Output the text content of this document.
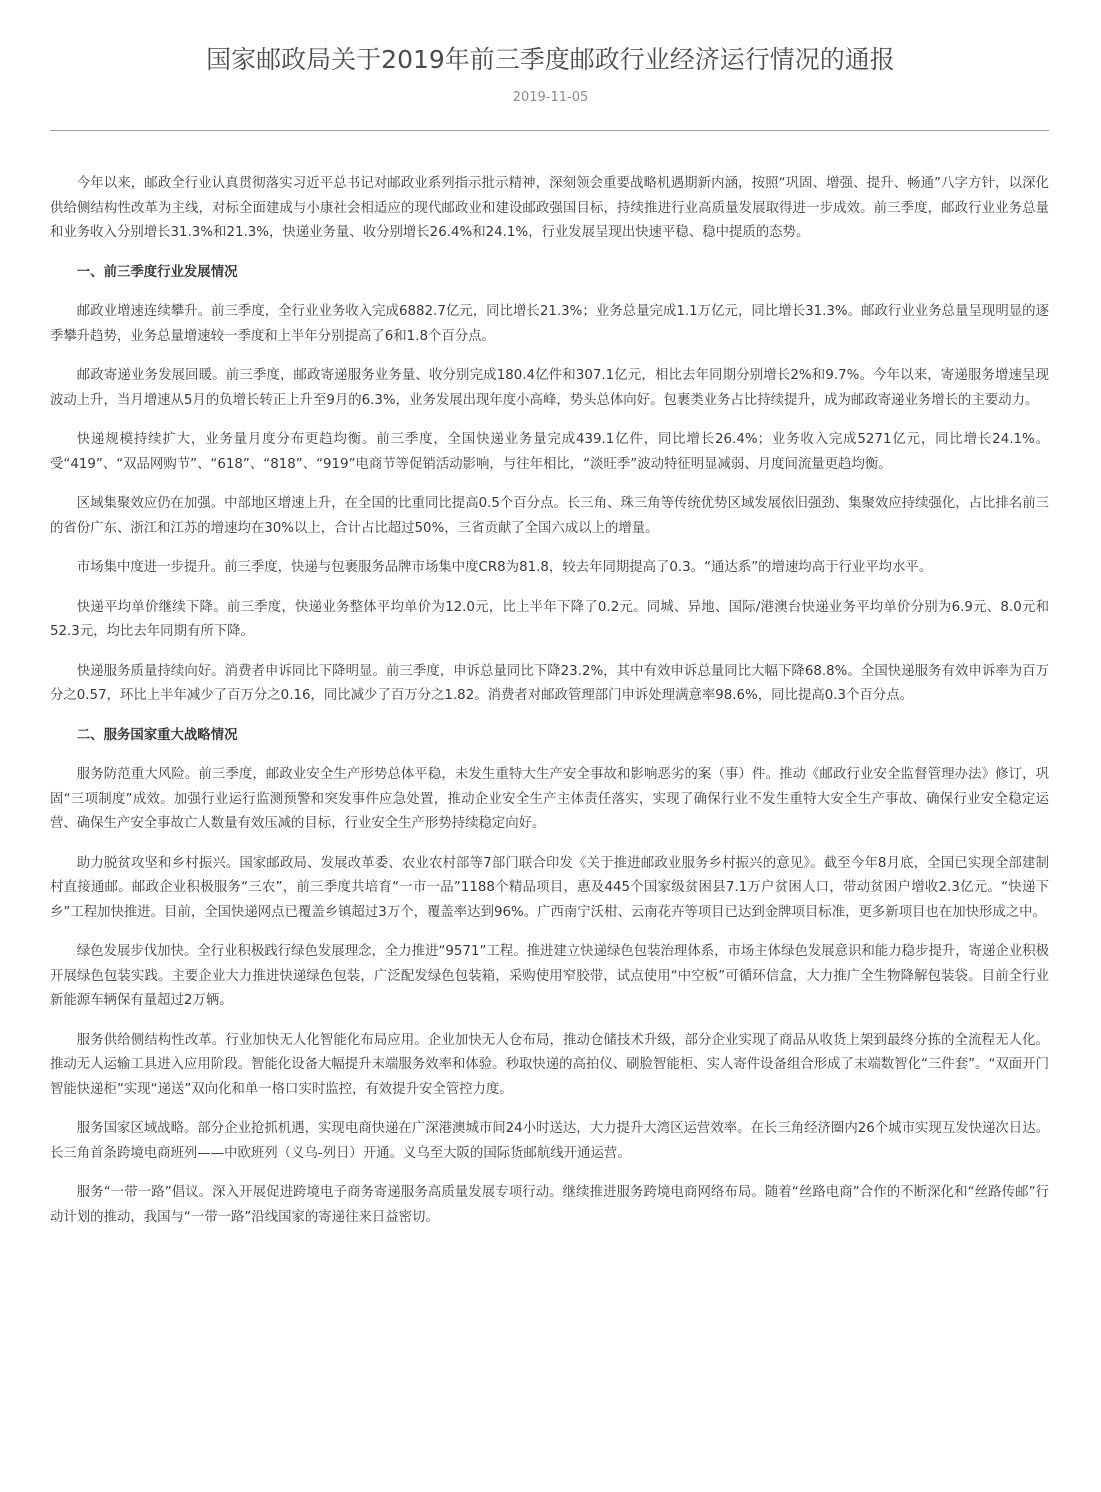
国家邮政局关于2019年前三季度邮政行业经济运行情况的通报
2019-11-05

今年以来，邮政全行业认真贯彻落实习近平总书记对邮政业系列指示批示精神，深刻领会重要战略机遇期新内涵，按照“巩固、增强、提升、畅通”八字方针，以深化供给侧结构性改革为主线，对标全面建成与小康社会相适应的现代邮政业和建设邮政强国目标，持续推进行业高质量发展取得进一步成效。前三季度，邮政行业业务总量和业务收入分别增长31.3%和21.3%，快递业务量、收分别增长26.4%和24.1%，行业发展呈现出快速平稳、稳中提质的态势。

一、前三季度行业发展情况

邮政业增速连续攀升。前三季度，全行业业务收入完成6882.7亿元，同比增长21.3%；业务总量完成1.1万亿元，同比增长31.3%。邮政行业业务总量呈现明显的逐季攀升趋势，业务总量增速较一季度和上半年分别提高了6和1.8个百分点。

邮政寄递业务发展回暖。前三季度，邮政寄递服务业务量、收分别完成180.4亿件和307.1亿元，相比去年同期分别增长2%和9.7%。今年以来，寄递服务增速呈现波动上升，当月增速从5月的负增长转正上升至9月的6.3%，业务发展出现年度小高峰，势头总体向好。包裹类业务占比持续提升，成为邮政寄递业务增长的主要动力。

快递规模持续扩大，业务量月度分布更趋均衡。前三季度，全国快递业务量完成439.1亿件，同比增长26.4%；业务收入完成5271亿元，同比增长24.1%。受“419”、“双品网购节”、“618”、“818”、“919”电商节等促销活动影响，与往年相比，“淡旺季”波动特征明显减弱、月度间流量更趋均衡。

区域集聚效应仍在加强。中部地区增速上升，在全国的比重同比提高0.5个百分点。长三角、珠三角等传统优势区域发展依旧强劲、集聚效应持续强化，占比排名前三的省份广东、浙江和江苏的增速均在30%以上，合计占比超过50%，三省贡献了全国六成以上的增量。

市场集中度进一步提升。前三季度，快递与包裹服务品牌市场集中度CR8为81.8，较去年同期提高了0.3。“通达系”的增速均高于行业平均水平。

快递平均单价继续下降。前三季度，快递业务整体平均单价为12.0元，比上半年下降了0.2元。同城、异地、国际/港澳台快递业务平均单价分别为6.9元、8.0元和52.3元，均比去年同期有所下降。

快递服务质量持续向好。消费者申诉同比下降明显。前三季度，申诉总量同比下降23.2%，其中有效申诉总量同比大幅下降68.8%。全国快递服务有效申诉率为百万分之0.57，环比上半年减少了百万分之0.16，同比减少了百万分之1.82。消费者对邮政管理部门申诉处理满意率98.6%，同比提高0.3个百分点。

二、服务国家重大战略情况

服务防范重大风险。前三季度，邮政业安全生产形势总体平稳，未发生重特大生产安全事故和影响恶劣的案（事）件。推动《邮政行业安全监督管理办法》修订，巩固“三项制度”成效。加强行业运行监测预警和突发事件应急处置，推动企业安全生产主体责任落实，实现了确保行业不发生重特大安全生产事故、确保行业安全稳定运营、确保生产安全事故亡人数量有效压减的目标，行业安全生产形势持续稳定向好。

助力脱贫攻坚和乡村振兴。国家邮政局、发展改革委、农业农村部等7部门联合印发《关于推进邮政业服务乡村振兴的意见》。截至今年8月底，全国已实现全部建制村直接通邮。邮政企业积极服务“三农”，前三季度共培育“一市一品”1188个精品项目，惠及445个国家级贫困县7.1万户贫困人口，带动贫困户增收2.3亿元。“快递下乡”工程加快推进。目前，全国快递网点已覆盖乡镇超过3万个，覆盖率达到96%。广西南宁沃柑、云南花卉等项目已达到金牌项目标准，更多新项目也在加快形成之中。

绿色发展步伐加快。全行业积极践行绿色发展理念，全力推进“9571”工程。推进建立快递绿色包装治理体系，市场主体绿色发展意识和能力稳步提升，寄递企业积极开展绿色包装实践。主要企业大力推进快递绿色包装，广泛配发绿色包装箱，采购使用窄胶带，试点使用“中空板”可循环信盒，大力推广全生物降解包装袋。目前全行业新能源车辆保有量超过2万辆。

服务供给侧结构性改革。行业加快无人化智能化布局应用。企业加快无人仓布局，推动仓储技术升级，部分企业实现了商品从收货上架到最终分拣的全流程无人化。推动无人运输工具进入应用阶段。智能化设备大幅提升末端服务效率和体验。秒取快递的高拍仪、刷脸智能柜、实人寄件设备组合形成了末端数智化“三件套”。“双面开门智能快递柜”实现“递送”双向化和单一格口实时监控，有效提升安全管控力度。

服务国家区域战略。部分企业抢抓机遇，实现电商快递在广深港澳城市间24小时送达，大力提升大湾区运营效率。在长三角经济圈内26个城市实现互发快递次日达。长三角首条跨境电商班列——中欧班列（义乌-列日）开通。义乌至大阪的国际货邮航线开通运营。

服务“一带一路”倡议。深入开展促进跨境电子商务寄递服务高质量发展专项行动。继续推进服务跨境电商网络布局。随着“丝路电商”合作的不断深化和“丝路传邮”行动计划的推动，我国与“一带一路”沿线国家的寄递往来日益密切。
